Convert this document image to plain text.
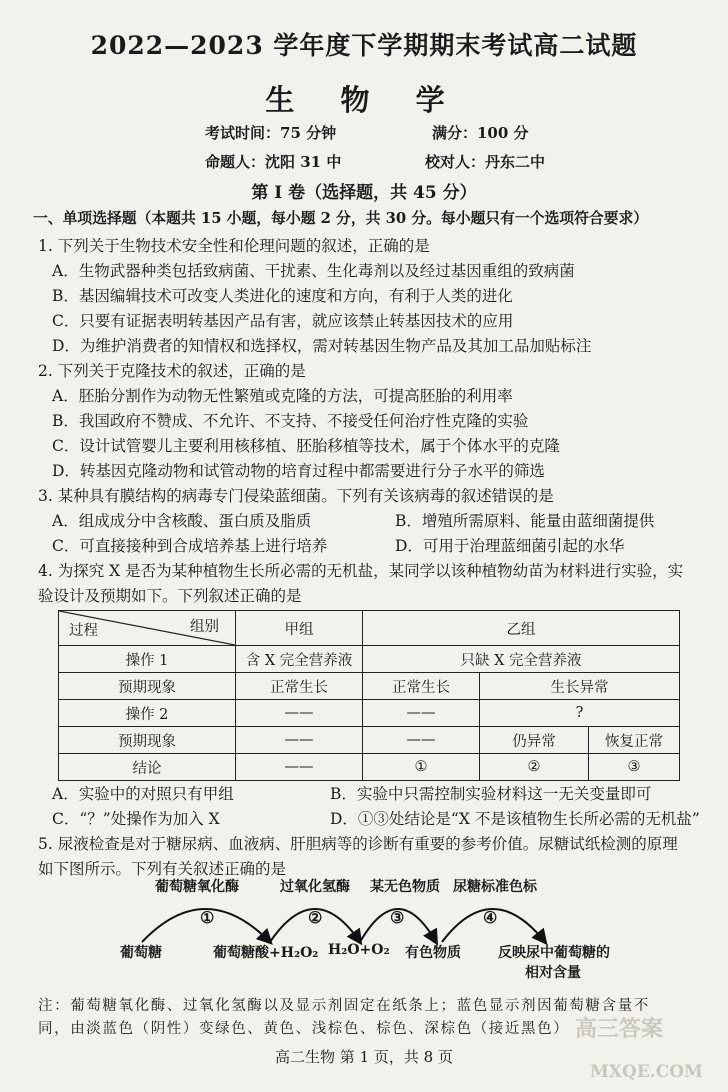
2022—2023 学年度下学期期末考试高二试题
生 物 学
考试时间：75 分钟	满分：100 分
命题人：沈阳 31 中	校对人：丹东二中
第 I 卷（选择题，共 45 分）
一、单项选择题（本题共 15 小题，每小题 2 分，共 30 分。每小题只有一个选项符合要求）
1. 下列关于生物技术安全性和伦理问题的叙述，正确的是
A．生物武器种类包括致病菌、干扰素、生化毒剂以及经过基因重组的致病菌
B．基因编辑技术可改变人类进化的速度和方向，有利于人类的进化
C．只要有证据表明转基因产品有害，就应该禁止转基因技术的应用
D．为维护消费者的知情权和选择权，需对转基因生物产品及其加工品加贴标注
2. 下列关于克隆技术的叙述，正确的是
A．胚胎分割作为动物无性繁殖或克隆的方法，可提高胚胎的利用率
B．我国政府不赞成、不允许、不支持、不接受任何治疗性克隆的实验
C．设计试管婴儿主要利用核移植、胚胎移植等技术，属于个体水平的克隆
D．转基因克隆动物和试管动物的培育过程中都需要进行分子水平的筛选
3. 某种具有膜结构的病毒专门侵染蓝细菌。下列有关该病毒的叙述错误的是
A．组成成分中含核酸、蛋白质及脂质	B．增殖所需原料、能量由蓝细菌提供
C．可直接接种到合成培养基上进行培养	D．可用于治理蓝细菌引起的水华
4. 为探究 X 是否为某种植物生长所必需的无机盐，某同学以该种植物幼苗为材料进行实验，实
验设计及预期如下。下列叙述正确的是
过程 组别	甲组	乙组		
操作 1	含 X 完全营养液	只缺 X 完全营养液		
预期现象	正常生长	正常生长	生长异常	
操作 2	——	——	?	
预期现象	——	——	仍异常	恢复正常
结论	——	①	②	③
A．实验中的对照只有甲组	B．实验中只需控制实验材料这一无关变量即可
C．“？”处操作为加入 X	D．①③处结论是“X 不是该植物生长所必需的无机盐”
5. 尿液检查是对于糖尿病、血液病、肝胆病等的诊断有重要的参考价值。尿糖试纸检测的原理
如下图所示。下列有关叙述正确的是
葡萄糖氧化酶	过氧化氢酶 某无色物质 尿糖标准色标
①	②	③	④
葡萄糖	葡萄糖酸+H₂O₂ H₂O+O₂ 有色物质	反映尿中葡萄糖的
相对含量
注：葡萄糖氧化酶、过氧化氢酶以及显示剂固定在纸条上；蓝色显示剂因葡萄糖含量不
同，由淡蓝色（阴性）变绿色、黄色、浅棕色、棕色、深棕色（接近黑色）
高二生物 第 1 页，共 8 页
高三答案
MXQE.COM
